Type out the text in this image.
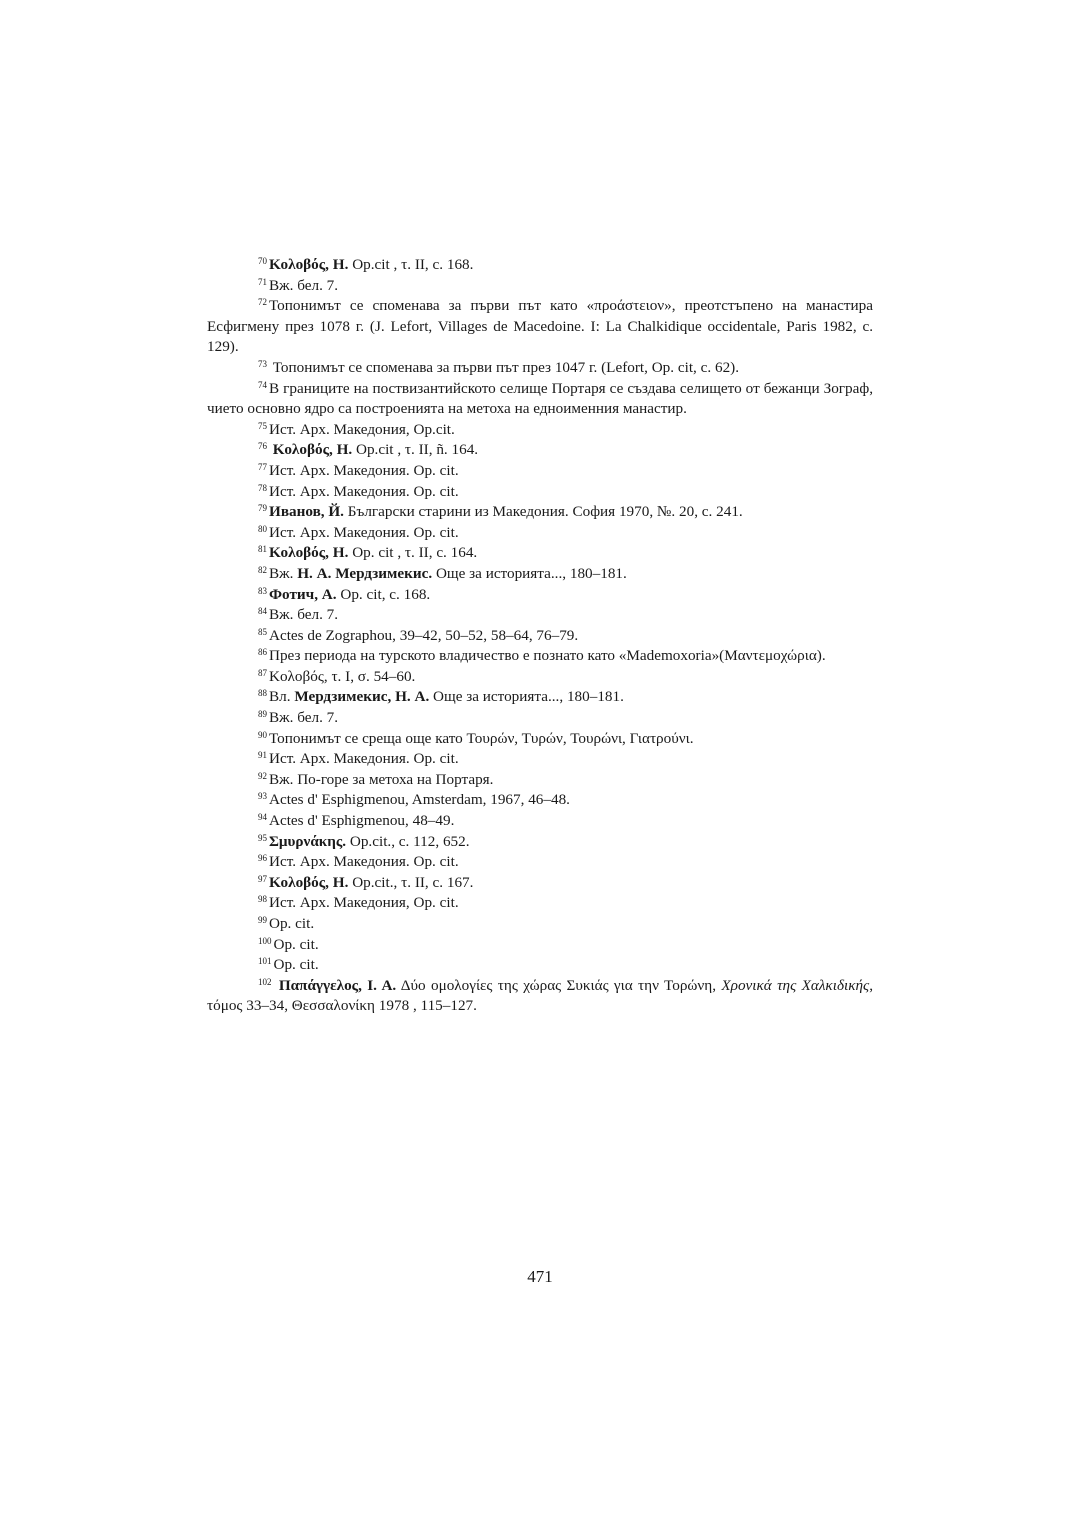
$^{70}$ Κολοβός, Н. Op.cit , τ. ІІ, с. 168.

$^{71}$ Вж. бел. 7.

$^{72}$ Топонимът се споменава за първи път като «προάστειον», преотстъпено на манастира Есфигмену през 1078 г. (J. Lefort, Villages de Macedoine. I: La Chalkidique occidentale, Paris 1982, с. 129).

$^{73}$ Топонимът се споменава за първи път през 1047 г. (Lefort, Op. cit, с. 62).

$^{74}$ В границите на поствизантийското селище Портаря се създава селището от бежанци Зограф, чието основно ядро са построенията на метоха на едноименния манастир.

$^{75}$ Ист. Арх. Македония, Op.cit.

$^{76}$ Κολοβός, Н. Op.cit , τ. ІІ, ñ. 164.

$^{77}$ Ист. Арх. Македония. Op. cit.

$^{78}$ Ист. Арх. Македония. Op. cit.

$^{79}$ Иванов, Й. Български старини из Македония. София 1970, №. 20, с. 241.

$^{80}$ Ист. Арх. Македония. Op. cit.

$^{81}$ Κολοβός, Н. Op. cit , τ. ІІ, с. 164.

$^{82}$ Вж. Н. А. Мердзимекис. Още за историята..., 180–181.

$^{83}$ Фотич, А. Op. cit, с. 168.

$^{84}$ Вж. бел. 7.

$^{85}$ Actes de Zographou, 39–42, 50–52, 58–64, 76–79.

$^{86}$ През периода на турското владичество е познато като «Mademoxoria»(Μαντεμοχώρια).

$^{87}$ Κολοβός, τ. Ι, σ. 54–60.

$^{88}$ Вл. Мердзимекис, Н. А. Още за историята..., 180–181.

$^{89}$ Вж. бел. 7.

$^{90}$ Топонимът се среща още като Τουρών, Τυρών, Τουρώνι, Γιατρούνι.

$^{91}$ Ист. Арх. Македония. Op. cit.

$^{92}$ Вж. По-горе за метоха на Портаря.

$^{93}$ Actes d' Esphigmenou, Amsterdam, 1967, 46–48.

$^{94}$ Actes d' Esphigmenou, 48–49.

$^{95}$ Σμυρνάκης. Op.cit., с. 112, 652.

$^{96}$ Ист. Арх. Македония. Op. cit.

$^{97}$ Κολοβός, Н. Op.cit., τ. ІІ, с. 167.

$^{98}$ Ист. Арх. Македония, Op. cit.

$^{99}$ Op. cit.

$^{100}$ Op. cit.

$^{101}$ Op. cit.

$^{102}$ Παπάγγελος, Ι. Α. Δύο ομολογίες της χώρας Συκιάς για την Τορώνη, Χρονικά της Χαλκιδικής, τόμος 33–34, Θεσσαλονίκη 1978 , 115–127.

471
